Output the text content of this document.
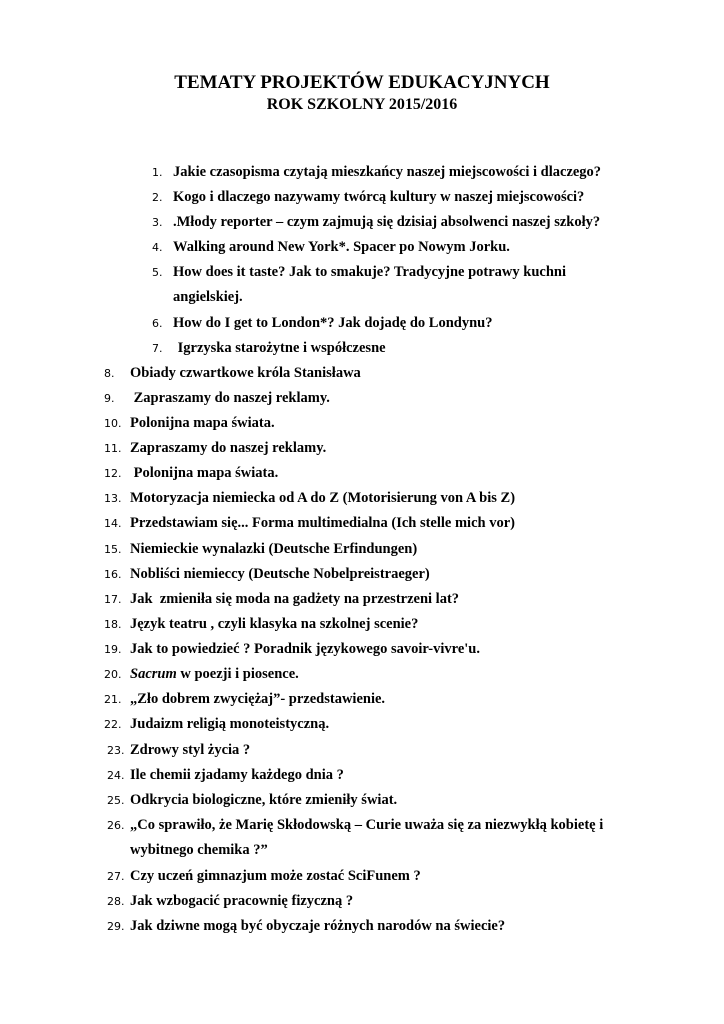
TEMATY PROJEKTÓW EDUKACYJNYCH
ROK SZKOLNY 2015/2016
1. Jakie czasopisma czytają mieszkańcy naszej miejscowości i dlaczego?
2. Kogo i dlaczego nazywamy twórcą kultury w naszej miejscowości?
3. .Młody reporter – czym zajmują się dzisiaj absolwenci naszej szkoły?
4. Walking around New York*. Spacer po Nowym Jorku.
5. How does it taste? Jak to smakuje? Tradycyjne potrawy kuchni
angielskiej.
6. How do I get to London*? Jak dojadę do Londynu?
7. Igrzyska starożytne i współczesne
8. Obiady czwartkowe króla Stanisława
9. Zapraszamy do naszej reklamy.
10. Polonijna mapa świata.
11. Zapraszamy do naszej reklamy.
12. Polonijna mapa świata.
13. Motoryzacja niemiecka od A do Z (Motorisierung von A bis Z)
14. Przedstawiam się... Forma multimedialna (Ich stelle mich vor)
15. Niemieckie wynalazki (Deutsche Erfindungen)
16. Nobliści niemieccy (Deutsche Nobelpreistraeger)
17. Jak  zmieniła się moda na gadżety na przestrzeni lat?
18. Język teatru , czyli klasyka na szkolnej scenie?
19. Jak to powiedzieć ? Poradnik językowego savoir-vivre'u.
20. Sacrum w poezji i piosence.
21. „Zło dobrem zwyciężaj”- przedstawienie.
22. Judaizm religią monoteistyczną.
23. Zdrowy styl życia ?
24. Ile chemii zjadamy każdego dnia ?
25. Odkrycia biologiczne, które zmieniły świat.
26. „Co sprawiło, że Marię Skłodowską – Curie uważa się za niezwykłą kobietę i
wybitnego chemika ?”
27. Czy uczeń gimnazjum może zostać SciFunem ?
28. Jak wzbogacić pracownię fizyczną ?
29. Jak dziwne mogą być obyczaje różnych narodów na świecie?
